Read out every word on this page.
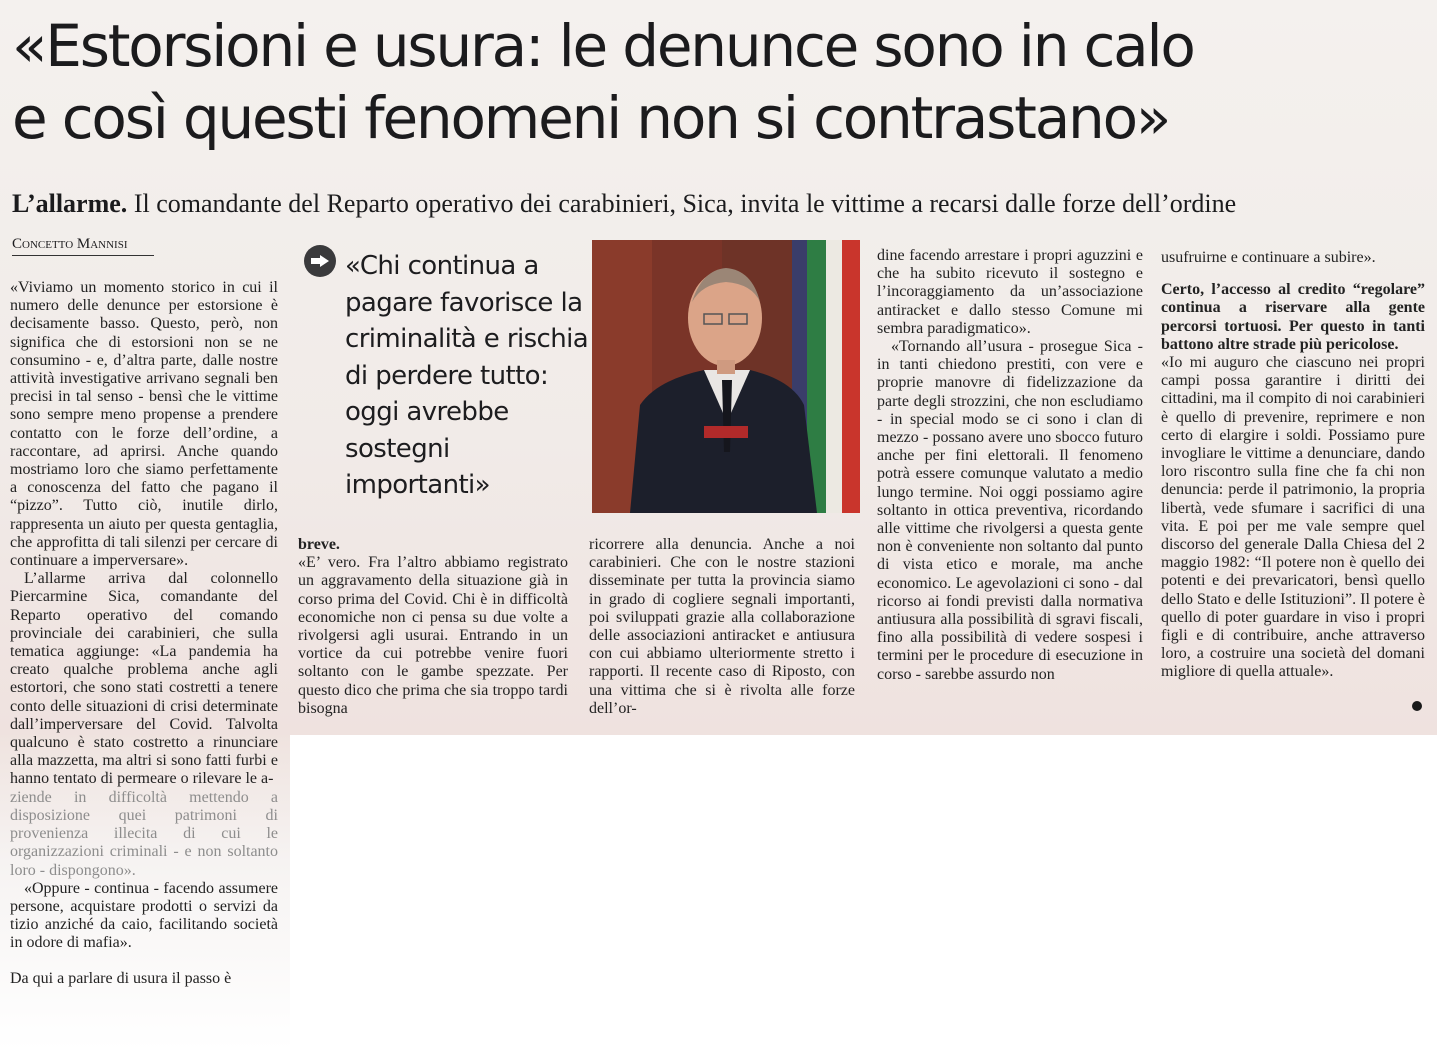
«Estorsioni e usura: le denunce sono in calo
e così questi fenomeni non si contrastano»
L’allarme. Il comandante del Reparto operativo dei carabinieri, Sica, invita le vittime a recarsi dalle forze dell’ordine
Concetto Mannisi

«Viviamo un momento storico in cui il numero delle denunce per estorsione è decisamente basso. Questo, però, non significa che di estorsioni non se ne consumino - e, d’altra parte, dalle nostre attività investigative arrivano segnali ben precisi in tal senso - bensì che le vittime sono sempre meno propense a prendere contatto con le forze dell’ordine, a raccontare, ad aprirsi. Anche quando mostriamo loro che siamo perfettamente a conoscenza del fatto che pagano il “pizzo”. Tutto ciò, inutile dirlo, rappresenta un aiuto per questa gentaglia, che approfitta di tali silenzi per cercare di continuare a imperversare».

L’allarme arriva dal colonnello Piercarmine Sica, comandante del Reparto operativo del comando provinciale dei carabinieri, che sulla tematica aggiunge: «La pandemia ha creato qualche problema anche agli estortori, che sono stati costretti a tenere conto delle situazioni di crisi determinate dall’imperversare del Covid. Talvolta qualcuno è stato costretto a rinunciare alla mazzetta, ma altri si sono fatti furbi e hanno tentato di permeare o rilevare le a-

ziende in difficoltà mettendo a disposizione quei patrimoni di provenienza illecita di cui le organizzazioni criminali - e non soltanto loro - dispongono».

«Oppure - continua - facendo assumere persone, acquistare prodotti o servizi da tizio anziché da caio, facilitando società in odore di mafia».

Da qui a parlare di usura il passo è

«Chi continua a pagare favorisce la criminalità e rischia di perdere tutto: oggi avrebbe sostegni importanti»

breve.

«E’ vero. Fra l’altro abbiamo registrato un aggravamento della situazione già in corso prima del Covid. Chi è in difficoltà economiche non ci pensa su due volte a rivolgersi agli usurai. Entrando in un vortice da cui potrebbe venire fuori soltanto con le gambe spezzate. Per questo dico che prima che sia troppo tardi bisogna

ricorrere alla denuncia. Anche a noi carabinieri. Che con le nostre stazioni disseminate per tutta la provincia siamo in grado di cogliere segnali importanti, poi sviluppati grazie alla collaborazione delle associazioni antiracket e antiusura con cui abbiamo ulteriormente stretto i rapporti. Il recente caso di Riposto, con una vittima che si è rivolta alle forze dell’or-

dine facendo arrestare i propri aguzzini e che ha subito ricevuto il sostegno e l’incoraggiamento da un’associazione antiracket e dallo stesso Comune mi sembra paradigmatico».

«Tornando all’usura - prosegue Sica - in tanti chiedono prestiti, con vere e proprie manovre di fidelizzazione da parte degli strozzini, che non escludiamo - in special modo se ci sono i clan di mezzo - possano avere uno sbocco futuro anche per fini elettorali. Il fenomeno potrà essere comunque valutato a medio lungo termine. Noi oggi possiamo agire soltanto in ottica preventiva, ricordando alle vittime che rivolgersi a questa gente non è conveniente non soltanto dal punto di vista etico e morale, ma anche economico. Le agevolazioni ci sono - dal ricorso ai fondi previsti dalla normativa antiusura alla possibilità di sgravi fiscali, fino alla possibilità di vedere sospesi i termini per le procedure di esecuzione in corso - sarebbe assurdo non

usufruirne e continuare a subire».

Certo, l’accesso al credito “regolare” continua a riservare alla gente percorsi tortuosi. Per questo in tanti battono altre strade più pericolose.

«Io mi auguro che ciascuno nei propri campi possa garantire i diritti dei cittadini, ma il compito di noi carabinieri è quello di prevenire, reprimere e non certo di elargire i soldi. Possiamo pure invogliare le vittime a denunciare, dando loro riscontro sulla fine che fa chi non denuncia: perde il patrimonio, la propria libertà, vede sfumare i sacrifici di una vita. E poi per me vale sempre quel discorso del generale Dalla Chiesa del 2 maggio 1982: “Il potere non è quello dei potenti e dei prevaricatori, bensì quello dello Stato e delle Istituzioni”. Il potere è quello di poter guardare in viso i propri figli e di contribuire, anche attraverso loro, a costruire una società del domani migliore di quella attuale».
